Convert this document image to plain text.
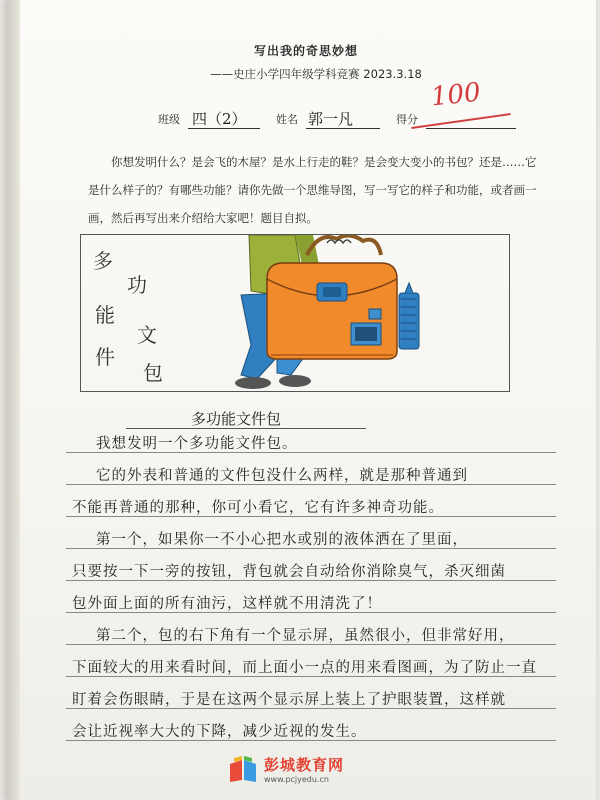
写出我的奇思妙想
——史庄小学四年级学科竞赛 2023.3.18
班级 四（2）	姓名 郭一凡	得分
100
你想发明什么？是会飞的木屋？是水上行走的鞋？是会变大变小的书包？还是……它是什么样子的？有哪些功能？请你先做一个思维导图，写一写它的样子和功能，或者画一画，然后再写出来介绍给大家吧！题目自拟。
多
功
能
文
件
包
多功能文件包
我想发明一个多功能文件包。
它的外表和普通的文件包没什么两样，就是那种普通到
不能再普通的那种，你可小看它，它有许多神奇功能。
第一个，如果你一不小心把水或别的液体洒在了里面，
只要按一下一旁的按钮，背包就会自动给你消除臭气，杀灭细菌
包外面上面的所有油污，这样就不用清洗了！
第二个，包的右下角有一个显示屏，虽然很小，但非常好用，
下面较大的用来看时间，而上面小一点的用来看图画，为了防止一直
盯着会伤眼睛，于是在这两个显示屏上装上了护眼装置，这样就
会让近视率大大的下降，减少近视的发生。
彭城教育网
www.pcjyedu.cn
